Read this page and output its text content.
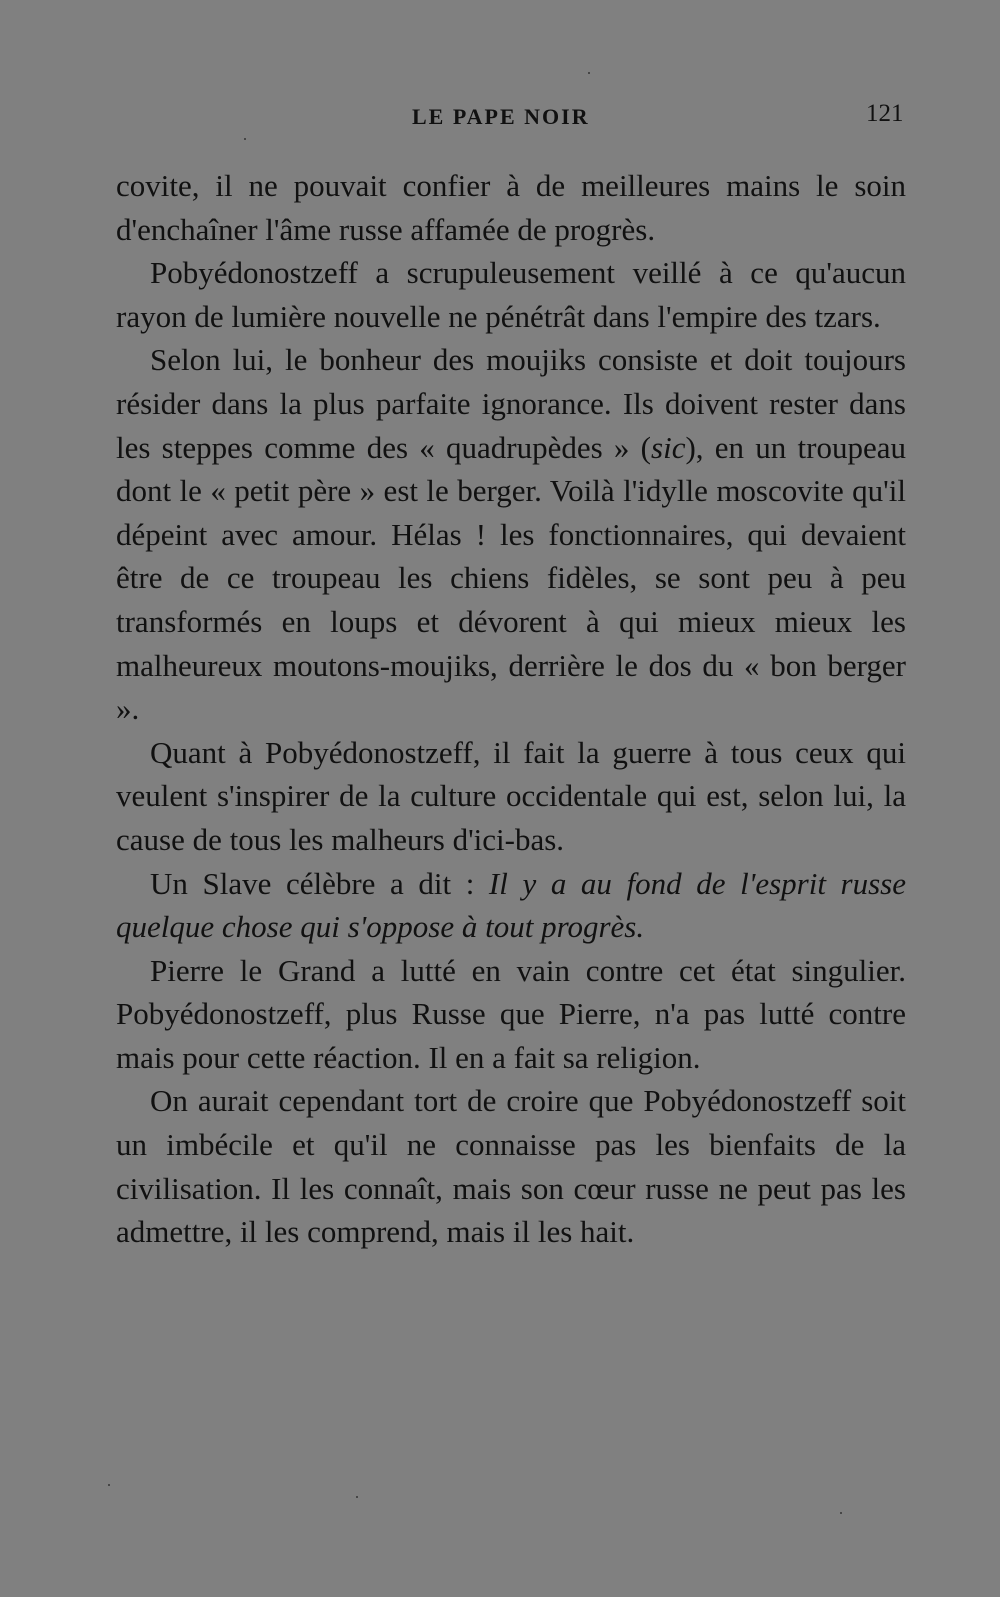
LE PAPE NOIR	121

covite, il ne pouvait confier à de meilleures mains le soin d'enchaîner l'âme russe affamée de progrès.

Pobyédonostzeff a scrupuleusement veillé à ce qu'aucun rayon de lumière nouvelle ne pénétrât dans l'empire des tzars.

Selon lui, le bonheur des moujiks consiste et doit toujours résider dans la plus parfaite ignorance. Ils doivent rester dans les steppes comme des « quadrupèdes » (sic), en un troupeau dont le « petit père » est le berger. Voilà l'idylle moscovite qu'il dépeint avec amour. Hélas ! les fonctionnaires, qui devaient être de ce troupeau les chiens fidèles, se sont peu à peu transformés en loups et dévorent à qui mieux mieux les malheureux moutons-moujiks, derrière le dos du « bon berger ».

Quant à Pobyédonostzeff, il fait la guerre à tous ceux qui veulent s'inspirer de la culture occidentale qui est, selon lui, la cause de tous les malheurs d'ici-bas.

Un Slave célèbre a dit : Il y a au fond de l'esprit russe quelque chose qui s'oppose à tout progrès.

Pierre le Grand a lutté en vain contre cet état singulier. Pobyédonostzeff, plus Russe que Pierre, n'a pas lutté contre mais pour cette réaction. Il en a fait sa religion.

On aurait cependant tort de croire que Pobyédonostzeff soit un imbécile et qu'il ne connaisse pas les bienfaits de la civilisation. Il les connaît, mais son cœur russe ne peut pas les admettre, il les comprend, mais il les hait.
